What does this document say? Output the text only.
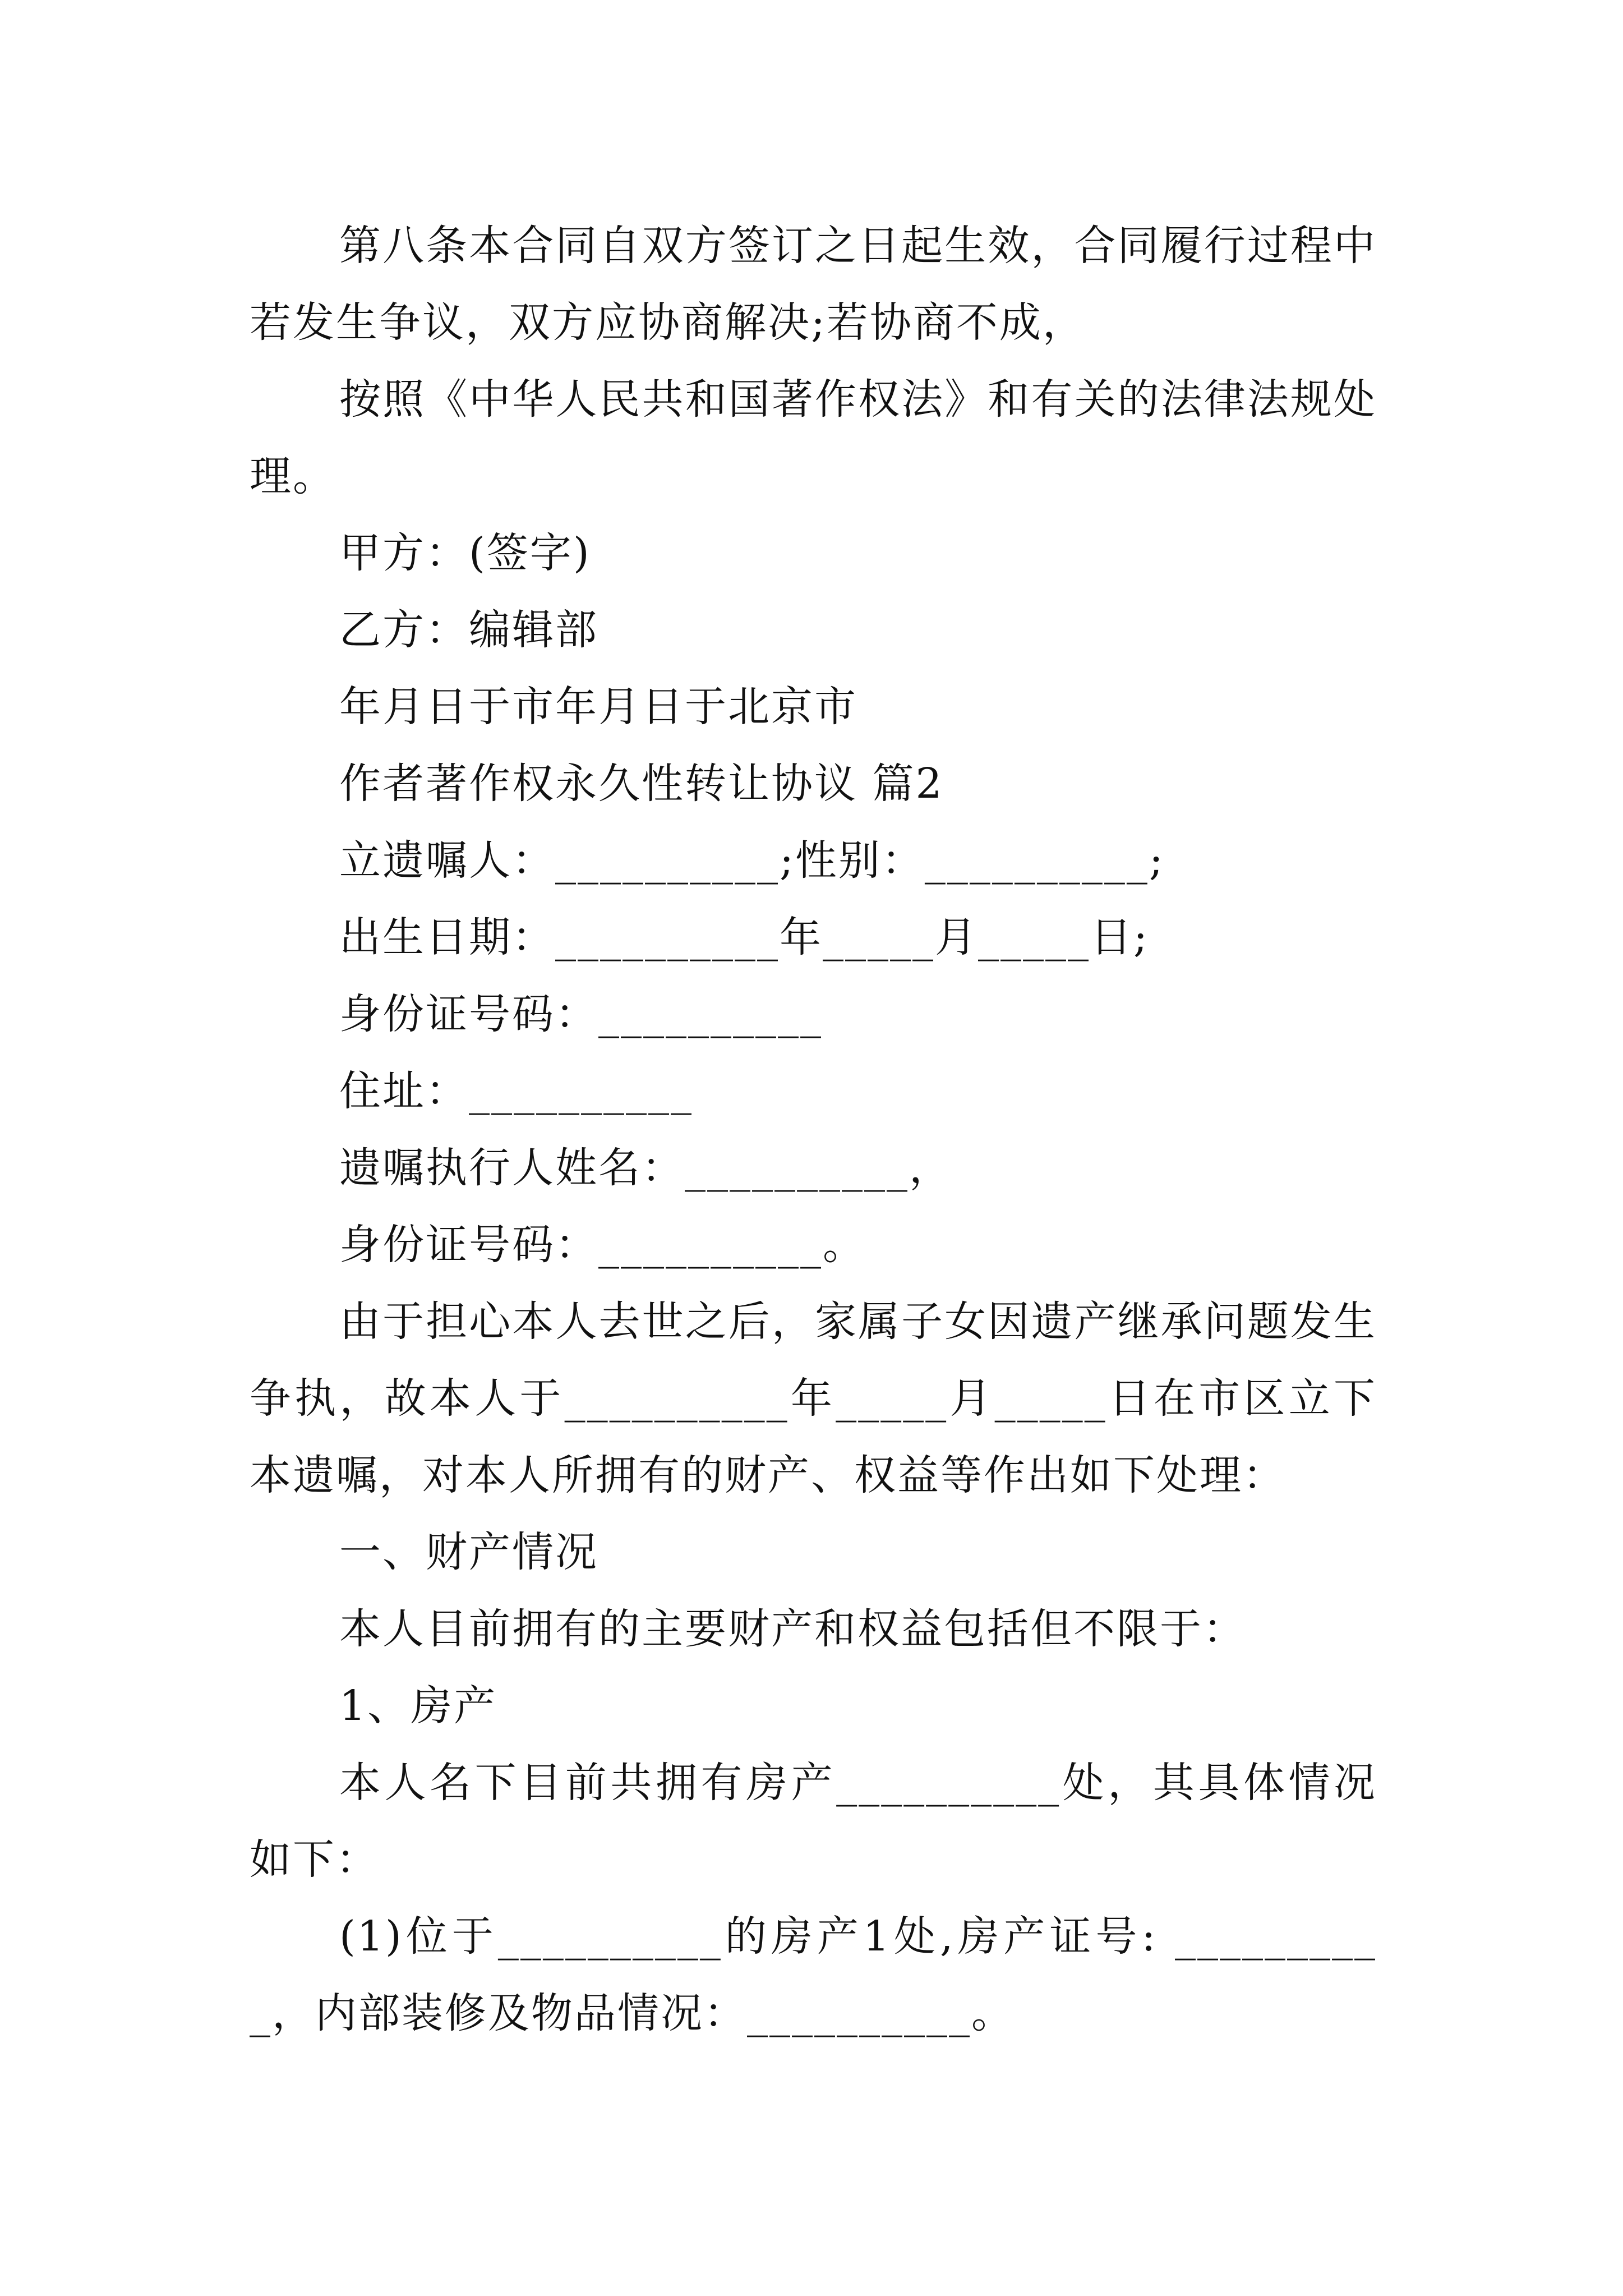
第八条本合同自双方签订之日起生效，合同履行过程中若发生争议，双方应协商解决;若协商不成，

按照《中华人民共和国著作权法》和有关的法律法规处理。

甲方：(签字)

乙方：编辑部

年月日于市年月日于北京市

作者著作权永久性转让协议 篇2

立遗嘱人：__________;性别：__________;

出生日期：__________年_____月_____日;

身份证号码：__________

住址：__________

遗嘱执行人姓名：__________，

身份证号码：__________。

由于担心本人去世之后，家属子女因遗产继承问题发生争执，故本人于__________年_____月_____日在市区立下本遗嘱，对本人所拥有的财产、权益等作出如下处理：

一、财产情况

本人目前拥有的主要财产和权益包括但不限于：

1、房产

本人名下目前共拥有房产__________处，其具体情况如下：

(1)位于__________的房产1处,房产证号: __________，内部装修及物品情况：__________。
